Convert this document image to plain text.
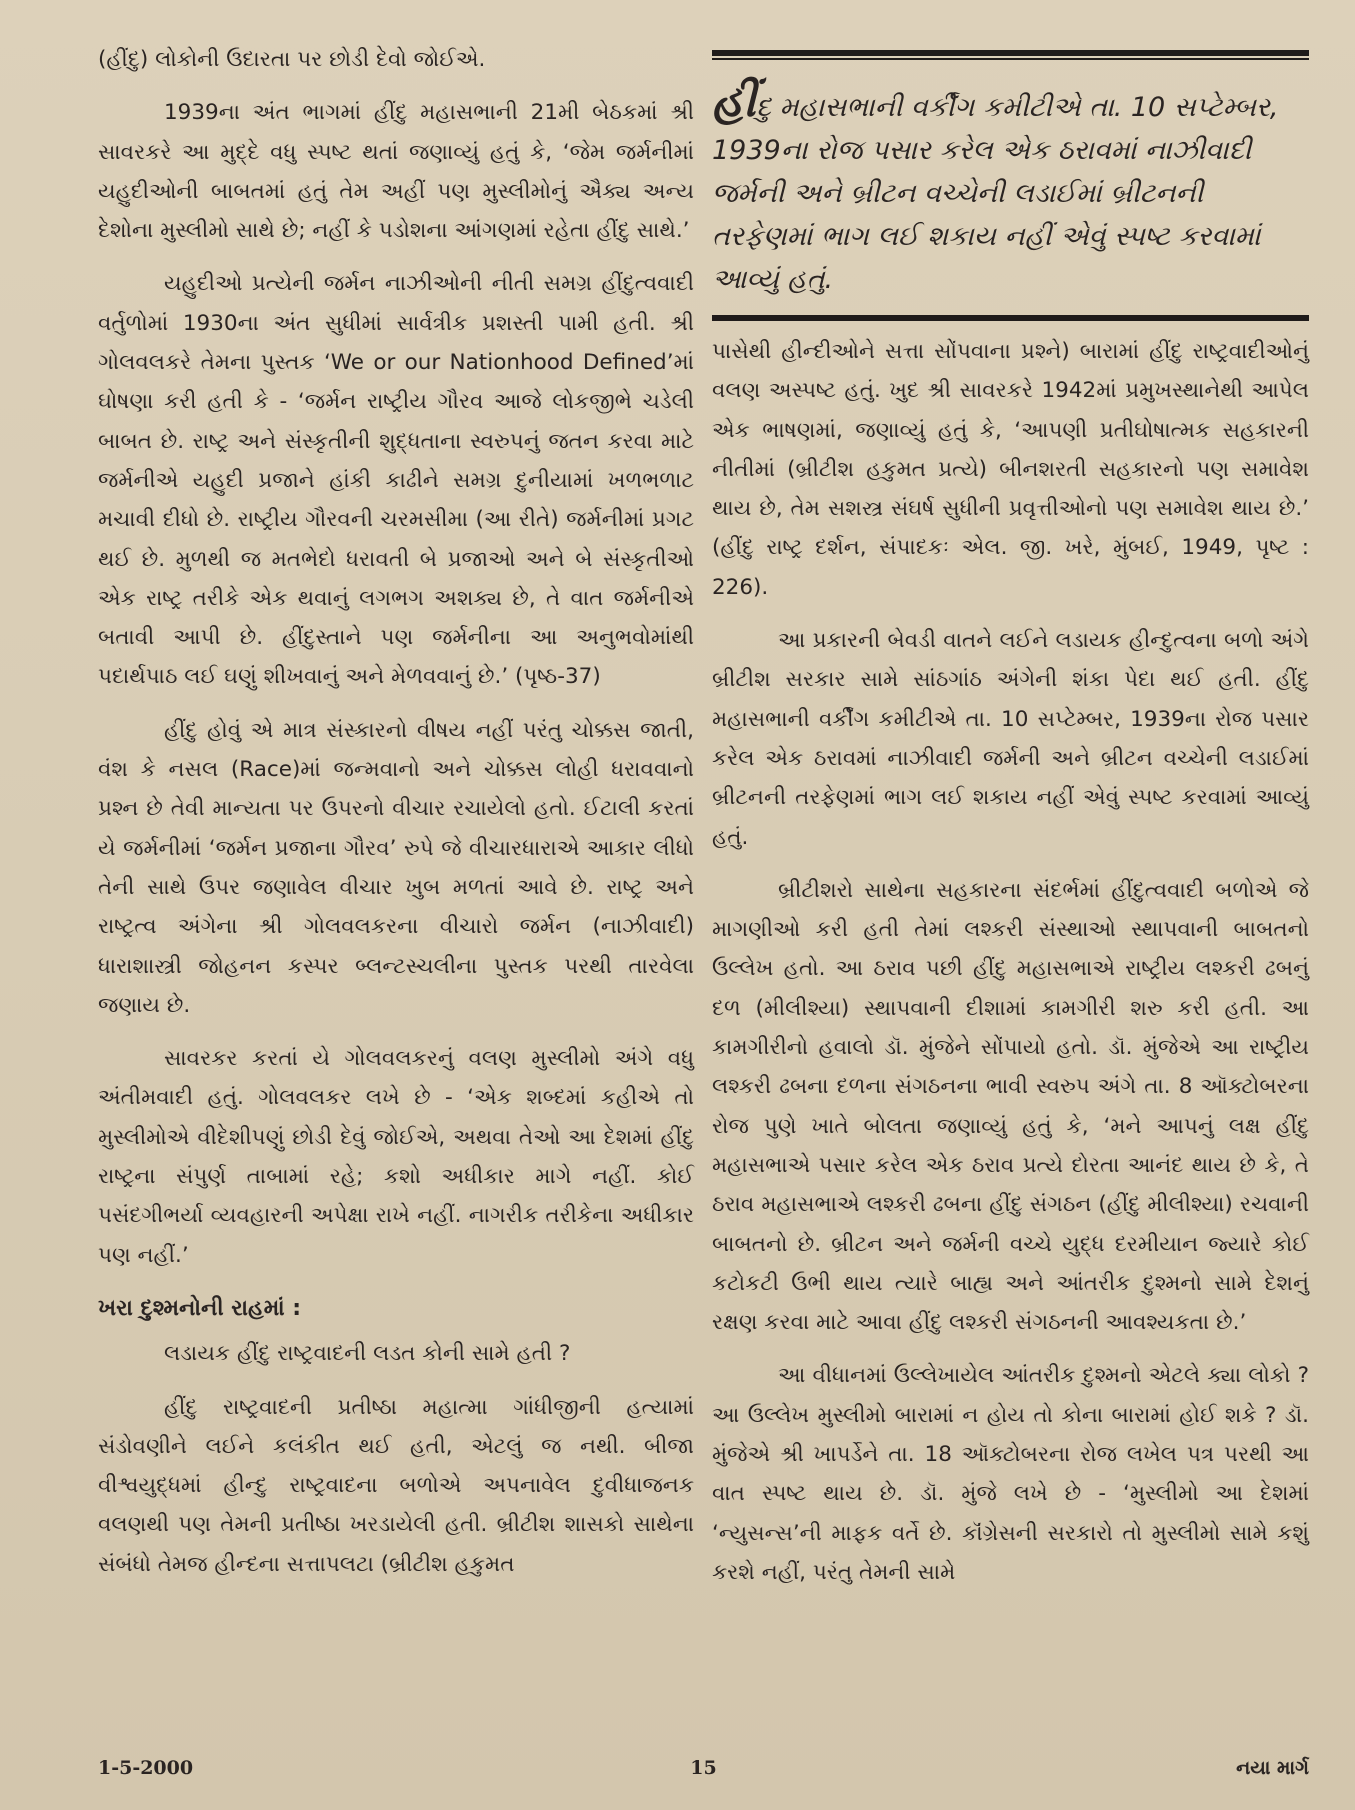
(હીંદુ) લોકોની ઉદારતા પર છોડી દેવો જોઈએ.

1939ના અંત ભાગમાં હીંદુ મહાસભાની 21મી બેઠકમાં શ્રી સાવરકરે આ મુદ્દે વધુ સ્પષ્ટ થતાં જણાવ્યું હતું કે, ‘જેમ જર્મનીમાં યહુદીઓની બાબતમાં હતું તેમ અહીં પણ મુસ્લીમોનું ઐક્ય અન્ય દેશોના મુસ્લીમો સાથે છે; નહીં કે પડોશના આંગણમાં રહેતા હીંદુ સાથે.’

યહુદીઓ પ્રત્યેની જર્મન નાઝીઓની નીતી સમગ્ર હીંદુત્વવાદી વર્તુળોમાં 1930ના અંત સુધીમાં સાર્વત્રીક પ્રશસ્તી પામી હતી. શ્રી ગોલવલકરે તેમના પુસ્તક ‘We or our Nationhood Defined’માં ઘોષણા કરી હતી કે - ‘જર્મન રાષ્ટ્રીય ગૌરવ આજે લોકજીભે ચડેલી બાબત છે. રાષ્ટ્ર અને સંસ્કૃતીની શુદ્ધતાના સ્વરુપનું જતન કરવા માટે જર્મનીએ યહુદી પ્રજાને હાંકી કાઢીને સમગ્ર દુનીયામાં ખળભળાટ મચાવી દીધો છે. રાષ્ટ્રીય ગૌરવની ચરમસીમા (આ રીતે) જર્મનીમાં પ્રગટ થઈ છે. મુળથી જ મતભેદો ધરાવતી બે પ્રજાઓ અને બે સંસ્કૃતીઓ એક રાષ્ટ્ર તરીકે એક થવાનું લગભગ અશક્ય છે, તે વાત જર્મનીએ બતાવી આપી છે. હીંદુસ્તાને પણ જર્મનીના આ અનુભવોમાંથી પદાર્થપાઠ લઈ ઘણું શીખવાનું અને મેળવવાનું છે.’ (પૃષ્ઠ-37)

હીંદુ હોવું એ માત્ર સંસ્કારનો વીષય નહીં પરંતુ ચોક્કસ જાતી, વંશ કે નસલ (Race)માં જન્મવાનો અને ચોક્કસ લોહી ધરાવવાનો પ્રશ્ન છે તેવી માન્યતા પર ઉપરનો વીચાર રચાયેલો હતો. ઈટાલી કરતાં યે જર્મનીમાં ‘જર્મન પ્રજાના ગૌરવ’ રુપે જે વીચારધારાએ આકાર લીધો તેની સાથે ઉપર જણાવેલ વીચાર ખુબ મળતાં આવે છે. રાષ્ટ્ર અને રાષ્ટ્રત્વ અંગેના શ્રી ગોલવલકરના વીચારો જર્મન (નાઝીવાદી) ધારાશાસ્ત્રી જોહનન કસ્પર બ્લન્ટસ્ચલીના પુસ્તક પરથી તારવેલા જણાય છે.

સાવરકર કરતાં યે ગોલવલકરનું વલણ મુસ્લીમો અંગે વધુ અંતીમવાદી હતું. ગોલવલકર લખે છે - ‘એક શબ્દમાં કહીએ તો મુસ્લીમોએ વીદેશીપણું છોડી દેવું જોઈએ, અથવા તેઓ આ દેશમાં હીંદુ રાષ્ટ્રના સંપુર્ણ તાબામાં રહે; કશો અધીકાર માગે નહીં. કોઈ પસંદગીભર્યા વ્યવહારની અપેક્ષા રાખે નહીં. નાગરીક તરીકેના અધીકાર પણ નહીં.’

ખરા દુશ્મનોની રાહમાં :

લડાયક હીંદુ રાષ્ટ્રવાદની લડત કોની સામે હતી ?

હીંદુ રાષ્ટ્રવાદની પ્રતીષ્ઠા મહાત્મા ગાંધીજીની હત્યામાં સંડોવણીને લઈને કલંકીત થઈ હતી, એટલું જ નથી. બીજા વીશ્વયુદ્ધમાં હીન્દુ રાષ્ટ્રવાદના બળોએ અપનાવેલ દુવીધાજનક વલણથી પણ તેમની પ્રતીષ્ઠા ખરડાયેલી હતી. બ્રીટીશ શાસકો સાથેના સંબંધો તેમજ હીન્દના સત્તાપલટા (બ્રીટીશ હકુમત

હીંદુ મહાસભાની વર્કીંગ કમીટીએ તા. 10 સપ્ટેમ્બર, 1939ના રોજ પસાર કરેલ એક ઠરાવમાં નાઝીવાદી જર્મની અને બ્રીટન વચ્ચેની લડાઈમાં બ્રીટનની તરફેણમાં ભાગ લઈ શકાય નહીં એવું સ્પષ્ટ કરવામાં આવ્યું હતું.

પાસેથી હીન્દીઓને સત્તા સોંપવાના પ્રશ્ને) બારામાં હીંદુ રાષ્ટ્રવાદીઓનું વલણ અસ્પષ્ટ હતું. ખુદ શ્રી સાવરકરે 1942માં પ્રમુખસ્થાનેથી આપેલ એક ભાષણમાં, જણાવ્યું હતું કે, ‘આપણી પ્રતીઘોષાત્મક સહકારની નીતીમાં (બ્રીટીશ હકુમત પ્રત્યે) બીનશરતી સહકારનો પણ સમાવેશ થાય છે, તેમ સશસ્ત્ર સંઘર્ષ સુધીની પ્રવૃત્તીઓનો પણ સમાવેશ થાય છે.’ (હીંદુ રાષ્ટ્ર દર્શન, સંપાદકઃ એલ. જી. ખરે, મુંબઈ, 1949, પૃષ્ટ : 226).

આ પ્રકારની બેવડી વાતને લઈને લડાયક હીન્દુત્વના બળો અંગે બ્રીટીશ સરકાર સામે સાંઠગાંઠ અંગેની શંકા પેદા થઈ હતી. હીંદુ મહાસભાની વર્કીંગ કમીટીએ તા. 10 સપ્ટેમ્બર, 1939ના રોજ પસાર કરેલ એક ઠરાવમાં નાઝીવાદી જર્મની અને બ્રીટન વચ્ચેની લડાઈમાં બ્રીટનની તરફેણમાં ભાગ લઈ શકાય નહીં એવું સ્પષ્ટ કરવામાં આવ્યું હતું.

બ્રીટીશરો સાથેના સહકારના સંદર્ભમાં હીંદુત્વવાદી બળોએ જે માગણીઓ કરી હતી તેમાં લશ્કરી સંસ્થાઓ સ્થાપવાની બાબતનો ઉલ્લેખ હતો. આ ઠરાવ પછી હીંદુ મહાસભાએ રાષ્ટ્રીય લશ્કરી ઢબનું દળ (મીલીશ્યા) સ્થાપવાની દીશામાં કામગીરી શરુ કરી હતી. આ કામગીરીનો હવાલો ડૉ. મુંજેને સોંપાયો હતો. ડૉ. મુંજેએ આ રાષ્ટ્રીય લશ્કરી ઢબના દળના સંગઠનના ભાવી સ્વરુપ અંગે તા. 8 ઑક્ટોબરના રોજ પુણે ખાતે બોલતા જણાવ્યું હતું કે, ‘મને આપનું લક્ષ હીંદુ મહાસભાએ પસાર કરેલ એક ઠરાવ પ્રત્યે દોરતા આનંદ થાય છે કે, તે ઠરાવ મહાસભાએ લશ્કરી ઢબના હીંદુ સંગઠન (હીંદુ મીલીશ્યા) રચવાની બાબતનો છે. બ્રીટન અને જર્મની વચ્ચે યુદ્ધ દરમીયાન જ્યારે કોઈ કટોકટી ઉભી થાય ત્યારે બાહ્ય અને આંતરીક દુશ્મનો સામે દેશનું રક્ષણ કરવા માટે આવા હીંદુ લશ્કરી સંગઠનની આવશ્યકતા છે.’

આ વીધાનમાં ઉલ્લેખાયેલ આંતરીક દુશ્મનો એટલે ક્યા લોકો ? આ ઉલ્લેખ મુસ્લીમો બારામાં ન હોય તો કોના બારામાં હોઈ શકે ? ડૉ. મુંજેએ શ્રી ખાપર્ડેને તા. 18 ઑક્ટોબરના રોજ લખેલ પત્ર પરથી આ વાત સ્પષ્ટ થાય છે. ડૉ. મુંજે લખે છે - ‘મુસ્લીમો આ દેશમાં ‘ન્યુસન્સ’ની માફક વર્તે છે. કૉંગ્રેસની સરકારો તો મુસ્લીમો સામે કશું કરશે નહીં, પરંતુ તેમની સામે

1-5-2000	15	નયા માર્ગ
